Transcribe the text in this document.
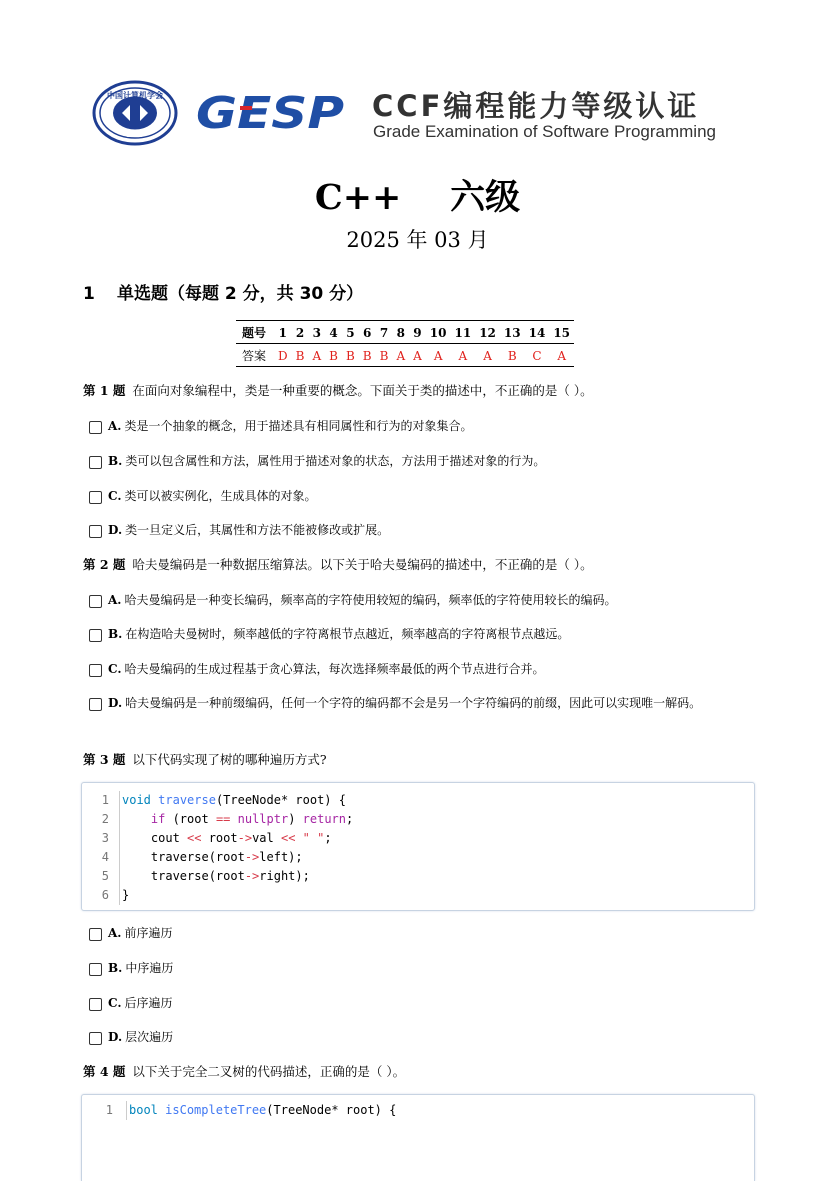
中国计算机学会
CCF GESP CCF编程能力等级认证
Grade Examination of Software Programming
C++    六级
2025 年 03 月
1 单选题（每题 2 分，共 30 分）
题号	1	2	3	4	5	6	7	8	9	10	11	12	13	14	15
答案	D	B	A	B	B	B	B	A	A	A	A	A	B	C	A
第 1 题 在面向对象编程中，类是一种重要的概念。下面关于类的描述中，不正确的是（ ）。
A. 类是一个抽象的概念，用于描述具有相同属性和行为的对象集合。
B. 类可以包含属性和方法，属性用于描述对象的状态，方法用于描述对象的行为。
C. 类可以被实例化，生成具体的对象。
D. 类一旦定义后，其属性和方法不能被修改或扩展。
第 2 题 哈夫曼编码是一种数据压缩算法。以下关于哈夫曼编码的描述中，不正确的是（ ）。
A. 哈夫曼编码是一种变长编码，频率高的字符使用较短的编码，频率低的字符使用较长的编码。
B. 在构造哈夫曼树时，频率越低的字符离根节点越近，频率越高的字符离根节点越远。
C. 哈夫曼编码的生成过程基于贪心算法，每次选择频率最低的两个节点进行合并。
D. 哈夫曼编码是一种前缀编码，任何一个字符的编码都不会是另一个字符编码的前缀，因此可以实现唯一解码。
第 3 题 以下代码实现了树的哪种遍历方式?
1
2
3
4
5
6
void traverse(TreeNode* root) {
if (root == nullptr) return;
cout << root->val << " ";
traverse(root->left);
traverse(root->right);
}
A. 前序遍历
B. 中序遍历
C. 后序遍历
D. 层次遍历
第 4 题 以下关于完全二叉树的代码描述，正确的是（ ）。
1 bool isCompleteTree(TreeNode* root) {
